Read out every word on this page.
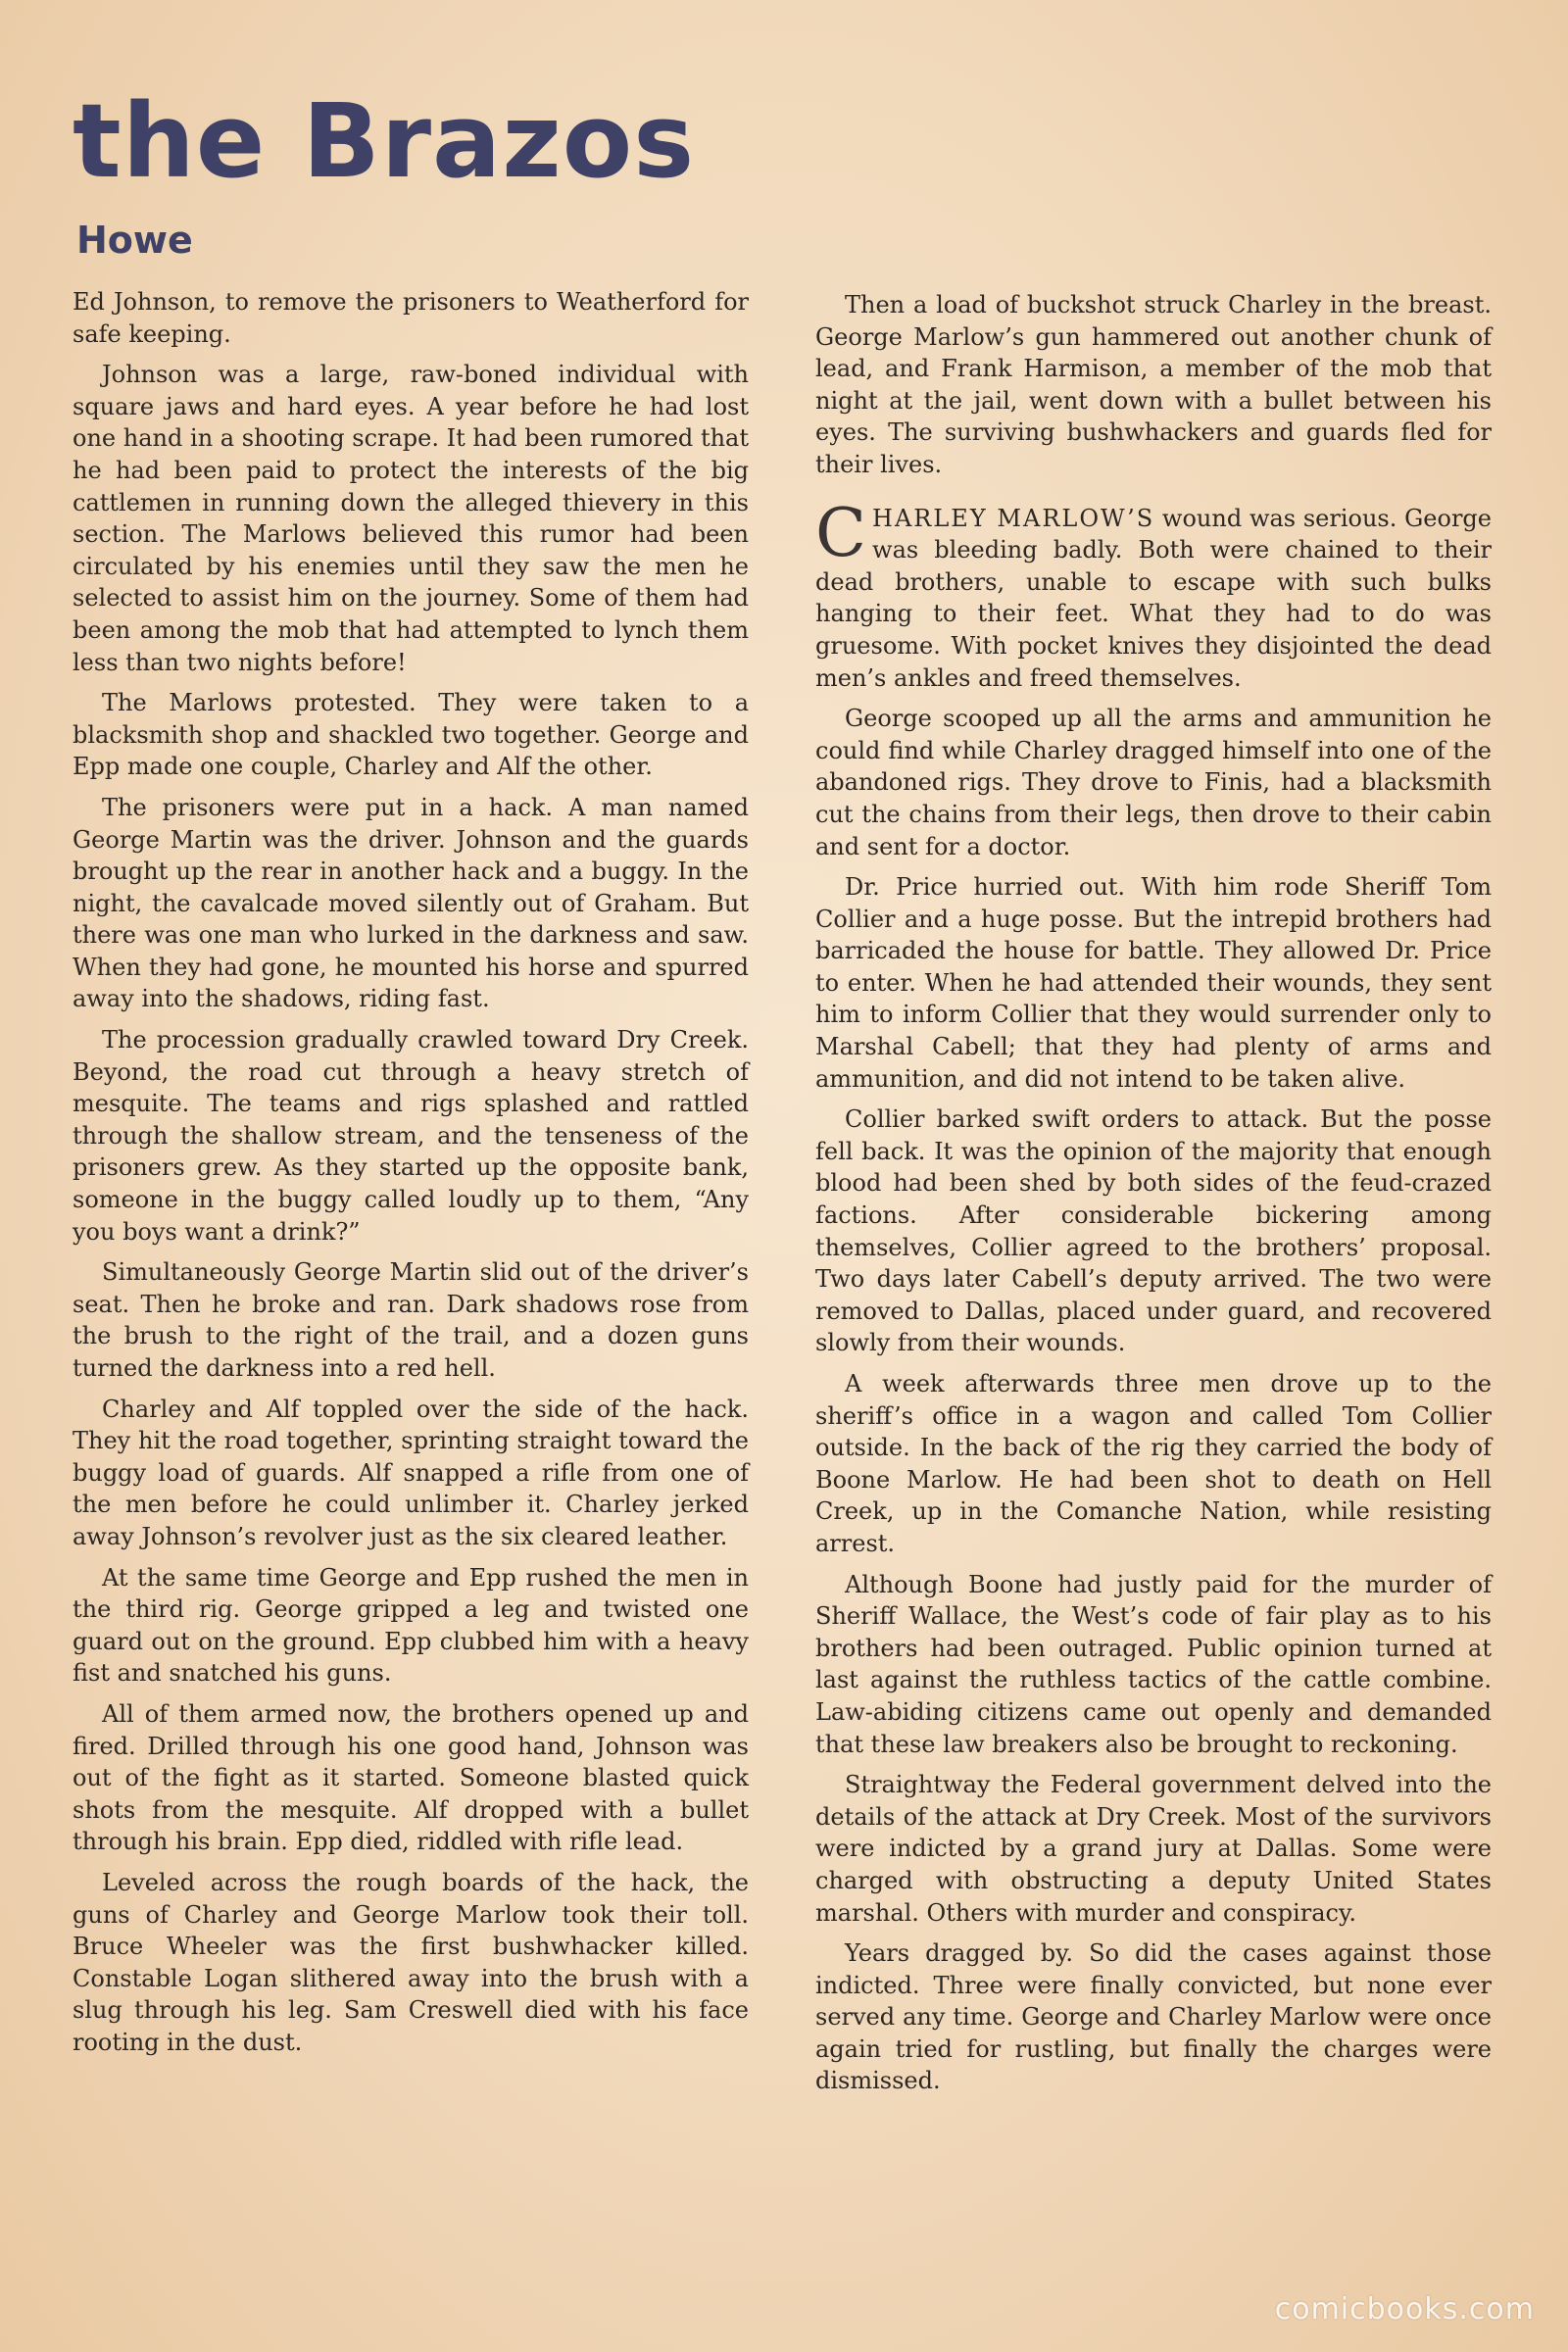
the Brazos
Howe

Ed Johnson, to remove the prisoners to Weatherford for safe keeping.

Johnson was a large, raw-boned individual with square jaws and hard eyes. A year before he had lost one hand in a shooting scrape. It had been rumored that he had been paid to protect the interests of the big cattlemen in running down the alleged thievery in this section. The Marlows believed this rumor had been circulated by his enemies until they saw the men he selected to assist him on the journey. Some of them had been among the mob that had attempted to lynch them less than two nights before!

The Marlows protested. They were taken to a blacksmith shop and shackled two together. George and Epp made one couple, Charley and Alf the other.

The prisoners were put in a hack. A man named George Martin was the driver. Johnson and the guards brought up the rear in another hack and a buggy. In the night, the cavalcade moved silently out of Graham. But there was one man who lurked in the darkness and saw. When they had gone, he mounted his horse and spurred away into the shadows, riding fast.

The procession gradually crawled toward Dry Creek. Beyond, the road cut through a heavy stretch of mesquite. The teams and rigs splashed and rattled through the shallow stream, and the tenseness of the prisoners grew. As they started up the opposite bank, someone in the buggy called loudly up to them, “Any you boys want a drink?”

Simultaneously George Martin slid out of the driver’s seat. Then he broke and ran. Dark shadows rose from the brush to the right of the trail, and a dozen guns turned the darkness into a red hell.

Charley and Alf toppled over the side of the hack. They hit the road together, sprinting straight toward the buggy load of guards. Alf snapped a rifle from one of the men before he could unlimber it. Charley jerked away Johnson’s revolver just as the six cleared leather.

At the same time George and Epp rushed the men in the third rig. George gripped a leg and twisted one guard out on the ground. Epp clubbed him with a heavy fist and snatched his guns.

All of them armed now, the brothers opened up and fired. Drilled through his one good hand, Johnson was out of the fight as it started. Someone blasted quick shots from the mesquite. Alf dropped with a bullet through his brain. Epp died, riddled with rifle lead.

Leveled across the rough boards of the hack, the guns of Charley and George Marlow took their toll. Bruce Wheeler was the first bushwhacker killed. Constable Logan slithered away into the brush with a slug through his leg. Sam Creswell died with his face rooting in the dust.

Then a load of buckshot struck Charley in the breast. George Marlow’s gun hammered out another chunk of lead, and Frank Harmison, a member of the mob that night at the jail, went down with a bullet between his eyes. The surviving bushwhackers and guards fled for their lives.

CHARLEY MARLOW’S wound was serious. George was bleeding badly. Both were chained to their dead brothers, unable to escape with such bulks hanging to their feet. What they had to do was gruesome. With pocket knives they disjointed the dead men’s ankles and freed themselves.

George scooped up all the arms and ammunition he could find while Charley dragged himself into one of the abandoned rigs. They drove to Finis, had a blacksmith cut the chains from their legs, then drove to their cabin and sent for a doctor.

Dr. Price hurried out. With him rode Sheriff Tom Collier and a huge posse. But the intrepid brothers had barricaded the house for battle. They allowed Dr. Price to enter. When he had attended their wounds, they sent him to inform Collier that they would surrender only to Marshal Cabell; that they had plenty of arms and ammunition, and did not intend to be taken alive.

Collier barked swift orders to attack. But the posse fell back. It was the opinion of the majority that enough blood had been shed by both sides of the feud-crazed factions. After considerable bickering among themselves, Collier agreed to the brothers’ proposal. Two days later Cabell’s deputy arrived. The two were removed to Dallas, placed under guard, and recovered slowly from their wounds.

A week afterwards three men drove up to the sheriff’s office in a wagon and called Tom Collier outside. In the back of the rig they carried the body of Boone Marlow. He had been shot to death on Hell Creek, up in the Comanche Nation, while resisting arrest.

Although Boone had justly paid for the murder of Sheriff Wallace, the West’s code of fair play as to his brothers had been outraged. Public opinion turned at last against the ruthless tactics of the cattle combine. Law-abiding citizens came out openly and demanded that these law breakers also be brought to reckoning.

Straightway the Federal government delved into the details of the attack at Dry Creek. Most of the survivors were indicted by a grand jury at Dallas. Some were charged with obstructing a deputy United States marshal. Others with murder and conspiracy.

Years dragged by. So did the cases against those indicted. Three were finally convicted, but none ever served any time. George and Charley Marlow were once again tried for rustling, but finally the charges were dismissed.

comicbooks.com
